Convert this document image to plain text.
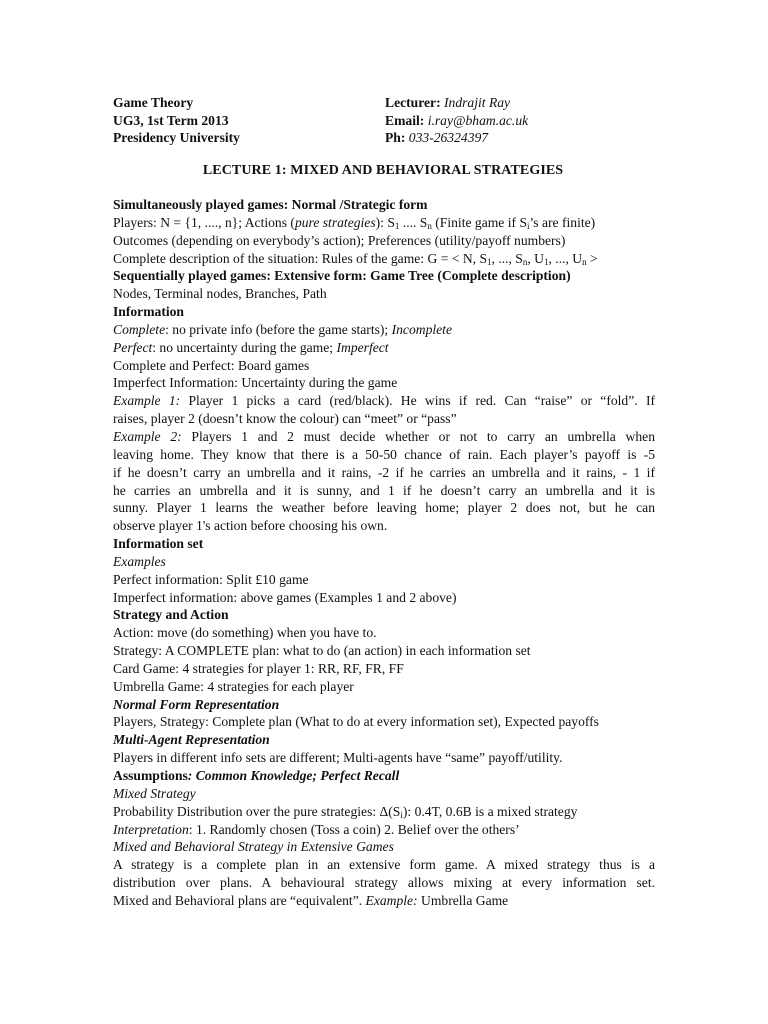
Game Theory	Lecturer: Indrajit Ray
UG3, 1st Term 2013	Email: i.ray@bham.ac.uk
Presidency University	Ph: 033-26324397
LECTURE 1: MIXED AND BEHAVIORAL STRATEGIES
Simultaneously played games: Normal /Strategic form
Players: N = {1, ...., n}; Actions (pure strategies): $S_1$ .... $S_n$ (Finite game if $S_i’s$ are finite)
Outcomes (depending on everybody’s action); Preferences (utility/payoff numbers)
Complete description of the situation: Rules of the game: G = < N, $S_1$, ..., $S_n$, $U_1$, ..., $U_n$ >
Sequentially played games: Extensive form: Game Tree (Complete description)
Nodes, Terminal nodes, Branches, Path
Information
Complete: no private info (before the game starts); Incomplete
Perfect: no uncertainty during the game; Imperfect
Complete and Perfect: Board games
Imperfect Information: Uncertainty during the game
Example 1: Player 1 picks a card (red/black). He wins if red. Can “raise” or “fold”. If
raises, player 2 (doesn’t know the colour) can “meet” or “pass”
Example 2: Players 1 and 2 must decide whether or not to carry an umbrella when
leaving home. They know that there is a 50-50 chance of rain. Each player’s payoff is -5
if he doesn’t carry an umbrella and it rains, -2 if he carries an umbrella and it rains, - 1 if
he carries an umbrella and it is sunny, and 1 if he doesn’t carry an umbrella and it is
sunny. Player 1 learns the weather before leaving home; player 2 does not, but he can
observe player 1's action before choosing his own.
Information set
Examples
Perfect information: Split £10 game
Imperfect information: above games (Examples 1 and 2 above)
Strategy and Action
Action: move (do something) when you have to.
Strategy: A COMPLETE plan: what to do (an action) in each information set
Card Game: 4 strategies for player 1: RR, RF, FR, FF
Umbrella Game: 4 strategies for each player
Normal Form Representation
Players, Strategy: Complete plan (What to do at every information set), Expected payoffs
Multi-Agent Representation
Players in different info sets are different; Multi-agents have “same” payoff/utility.
Assumptions: Common Knowledge; Perfect Recall
Mixed Strategy
Probability Distribution over the pure strategies: $\Delta(S_i)$: 0.4T, 0.6B is a mixed strategy
Interpretation: 1. Randomly chosen (Toss a coin) 2. Belief over the others’
Mixed and Behavioral Strategy in Extensive Games
A strategy is a complete plan in an extensive form game. A mixed strategy thus is a
distribution over plans. A behavioural strategy allows mixing at every information set.
Mixed and Behavioral plans are “equivalent”. Example: Umbrella Game
